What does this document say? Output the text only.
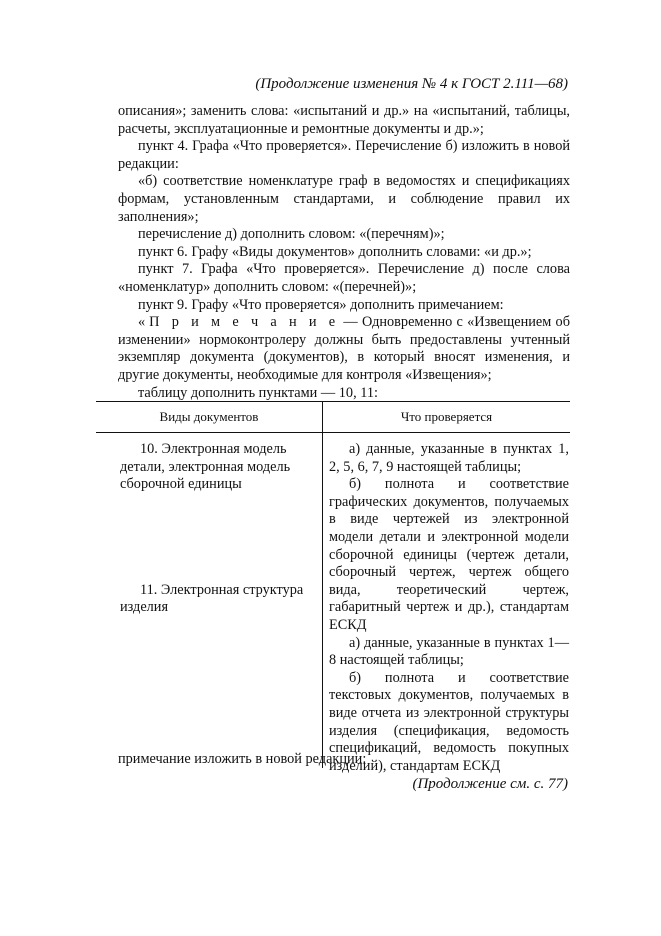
(Продолжение изменения № 4 к ГОСТ 2.111—68)

описания»; заменить слова: «испытаний и др.» на «испытаний, таблицы, расчеты, эксплуатационные и ремонтные документы и др.»;

пункт 4. Графа «Что проверяется». Перечисление б) изложить в новой редакции:

«б) соответствие номенклатуре граф в ведомостях и спецификациях формам, установленным стандартами, и соблюдение правил их заполнения»;

перечисление д) дополнить словом: «(перечням)»;

пункт 6. Графу «Виды документов» дополнить словами: «и др.»;

пункт 7. Графа «Что проверяется». Перечисление д) после слова «номенклатур» дополнить словом: «(перечней)»;

пункт 9. Графу «Что проверяется» дополнить примечанием:

«П р и м е ч а н и е — Одновременно с «Извещением об изменении» нормоконтролеру должны быть предоставлены учтенный экземпляр документа (документов), в который вносят изменения, и другие документы, необходимые для контроля «Извещения»;

таблицу дополнить пунктами — 10, 11:

Виды документов	Что проверяется

10. Электронная модель детали, электронная модель сборочной единицы

11. Электронная структура изделия

а) данные, указанные в пунктах 1, 2, 5, 6, 7, 9 настоящей таблицы;

б) полнота и соответствие графических документов, получаемых в виде чертежей из электронной модели детали и электронной модели сборочной единицы (чертеж детали, сборочный чертеж, чертеж общего вида, теоретический чертеж, габаритный чертеж и др.), стандартам ЕСКД

а) данные, указанные в пунктах 1—8 настоящей таблицы;

б) полнота и соответствие текстовых документов, получаемых в виде отчета из электронной структуры изделия (спецификация, ведомость спецификаций, ведомость покупных изделий), стандартам ЕСКД

примечание изложить в новой редакции:
(Продолжение см. с. 77)
